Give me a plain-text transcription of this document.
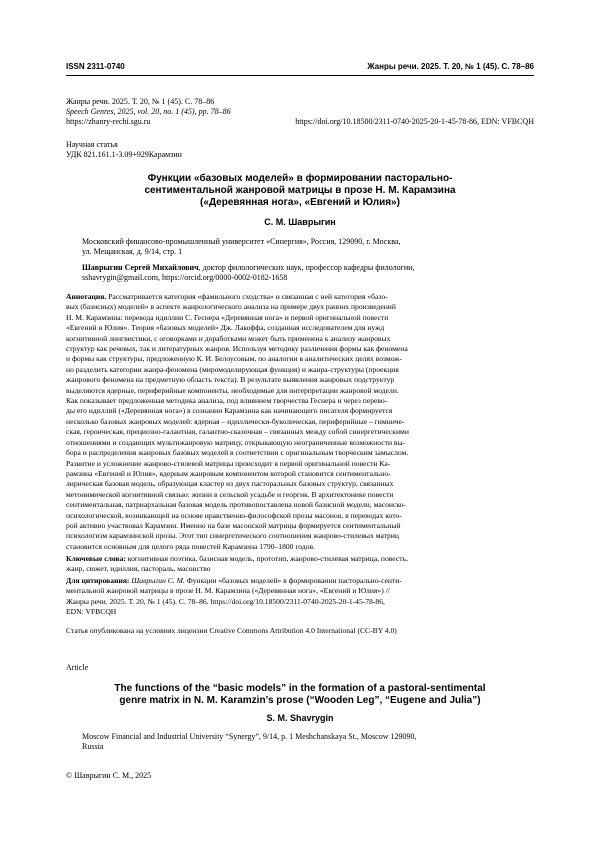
ISSN 2311-0740	Жанры речи. 2025. Т. 20, № 1 (45). С. 78–86
Жанры речи. 2025. Т. 20, № 1 (45). С. 78–86
Speech Genres, 2025, vol. 20, no. 1 (45), pp. 78–86
https://zhanry-rechi.sgu.ru	https://doi.org/10.18500/2311-0740-2025-20-1-45-78-86, EDN: VFBCQH
Научная статья
УДК 821.161.1-3.09+929Карамзин
Функции «базовых моделей» в формировании пасторально-
сентиментальной жанровой матрицы в прозе Н. М. Карамзина
(«Деревянная нога», «Евгений и Юлия»)
С. М. Шаврыгин
Московский финансово-промышленный университет «Синергия», Россия, 129090, г. Москва,
ул. Мещанская, д. 9/14, стр. 1
Шаврыгин Сергей Михайлович, доктор филологических наук, профессор кафедры филологии,
sshavrygin@gmail.com, https://orcid.org/0000-0002-0182-1658
Аннотация. Рассматривается категория «фамильного сходства» и связанная с ней категория «базо-
вых (базисных) моделей» в аспекте жанрологического анализа на примере двух ранних произведений
Н. М. Карамзина: перевода идиллии С. Геснера «Деревянная нога» и первой оригинальной повести
«Евгений и Юлия». Теория «базовых моделей» Дж. Лакоффа, созданная исследователем для нужд
когнитивной лингвистики, с оговорками и доработками может быть применена к анализу жанровых
структур как речевых, так и литературных жанров. Используя методику различения формы как феномена
и формы как структуры, предложенную К. И. Белоусовым, по аналогии в аналитических целях возмож-
но разделить категории жанра-феномена (миромоделирующая функция) и жанра-структуры (проекция
жанрового феномена на предметную область текста). В результате выявления жанровых подструктур
выделяются ядерные, периферийные компоненты, необходимые для интерпретации жанровой модели.
Как показывает предложенная методика анализа, под влиянием творчества Геснера и через перево-
ды его идиллий («Деревянная нога») в сознании Карамзина как начинающего писателя формируется
несколько базовых жанровых моделей: ядерная – идиллически-буколическая, периферийные – гимниче-
ская, героическая, прециозно-галантная, галантно-сказочная – связанных между собой синергетическими
отношениями и создающих мультижанровую матрицу, открывающую неограниченные возможности вы-
бора и распределения жанровых базовых моделей в соответствии с оригинальным творческим замыслом.
Развитие и усложнение жанрово-стилевой матрицы происходит в первой оригинальной повести Ка-
рамзина «Евгений и Юлия», ядерным жанровым компонентом которой становится сентиментально-
лирическая базовая модель, образующая кластер из двух пасторальных базовых структур, связанных
метонимической когнитивной связью: жизни в сельской усадьбе и георгик. В архитектонике повести
сентиментальная, патриархальная базовая модель противопоставлена новой базисной модели, масонско-
психологической, возникающей на основе нравственно-философской прозы масонов, в переводах кото-
рой активно участвовал Карамзин. Именно на базе масонской матрицы формируется сентиментальный
психологизм карамзинской прозы. Этот тип синергетического соотношения жанрово-стилевых матриц
становится основным для целого ряда повестей Карамзина 1790–1800 годов.
Ключевые слова: когнитивная поэтика, базисная модель, прототип, жанрово-стилевая матрица, повесть,
жанр, сюжет, идиллия, пастораль, масонство
Для цитирования: Шаврыгин С. М. Функции «базовых моделей» в формировании пасторально-сенти-
ментальной жанровой матрицы в прозе Н. М. Карамзина («Деревянная нога», «Евгений и Юлия») //
Жанры речи. 2025. Т. 20, № 1 (45). С. 78–86. https://doi.org/10.18500/2311-0740-2025-20-1-45-78-86,
EDN: VFBCQH
Статья опубликована на условиях лицензии Creative Commons Attribution 4.0 International (CC-BY 4.0)
Article
The functions of the “basic models” in the formation of a pastoral-sentimental
genre matrix in N. M. Karamzin’s prose (“Wooden Leg”, “Eugene and Julia”)
S. M. Shavrygin
Moscow Financial and Industrial University “Synergy”, 9/14, p. 1 Meshchanskaya St., Moscow 129090,
Russia
© Шаврыгин С. М., 2025
